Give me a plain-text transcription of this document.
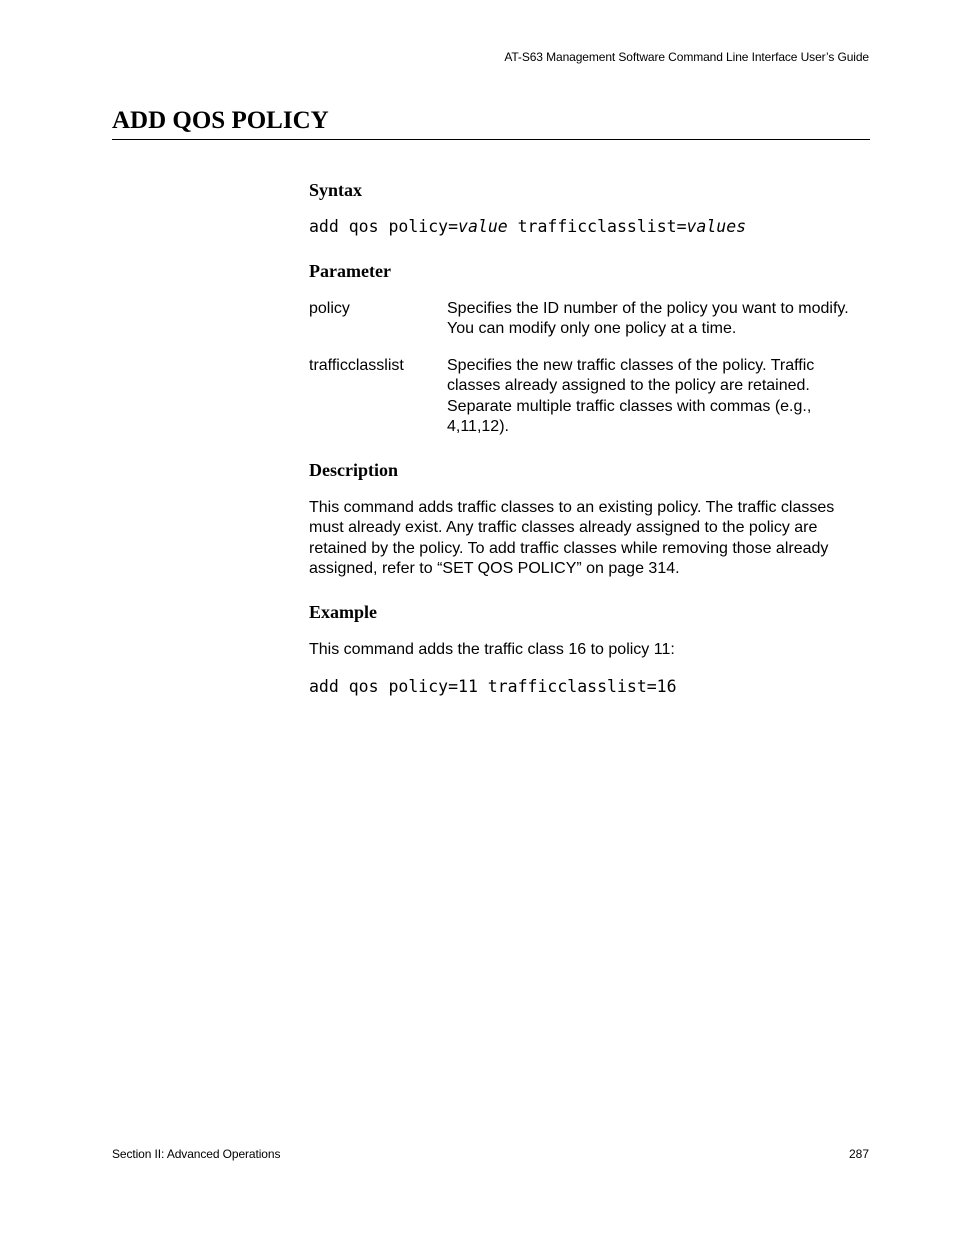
AT-S63 Management Software Command Line Interface User’s Guide
ADD QOS POLICY
Syntax
add qos policy=value trafficclasslist=values
Parameter
policy	Specifies the ID number of the policy you want to modify. You can modify only one policy at a time.
trafficclasslist	Specifies the new traffic classes of the policy. Traffic classes already assigned to the policy are retained. Separate multiple traffic classes with commas (e.g., 4,11,12).
Description
This command adds traffic classes to an existing policy. The traffic classes must already exist. Any traffic classes already assigned to the policy are retained by the policy. To add traffic classes while removing those already assigned, refer to “SET QOS POLICY” on page 314.
Example
This command adds the traffic class 16 to policy 11:
add qos policy=11 trafficclasslist=16
Section II: Advanced Operations	287
